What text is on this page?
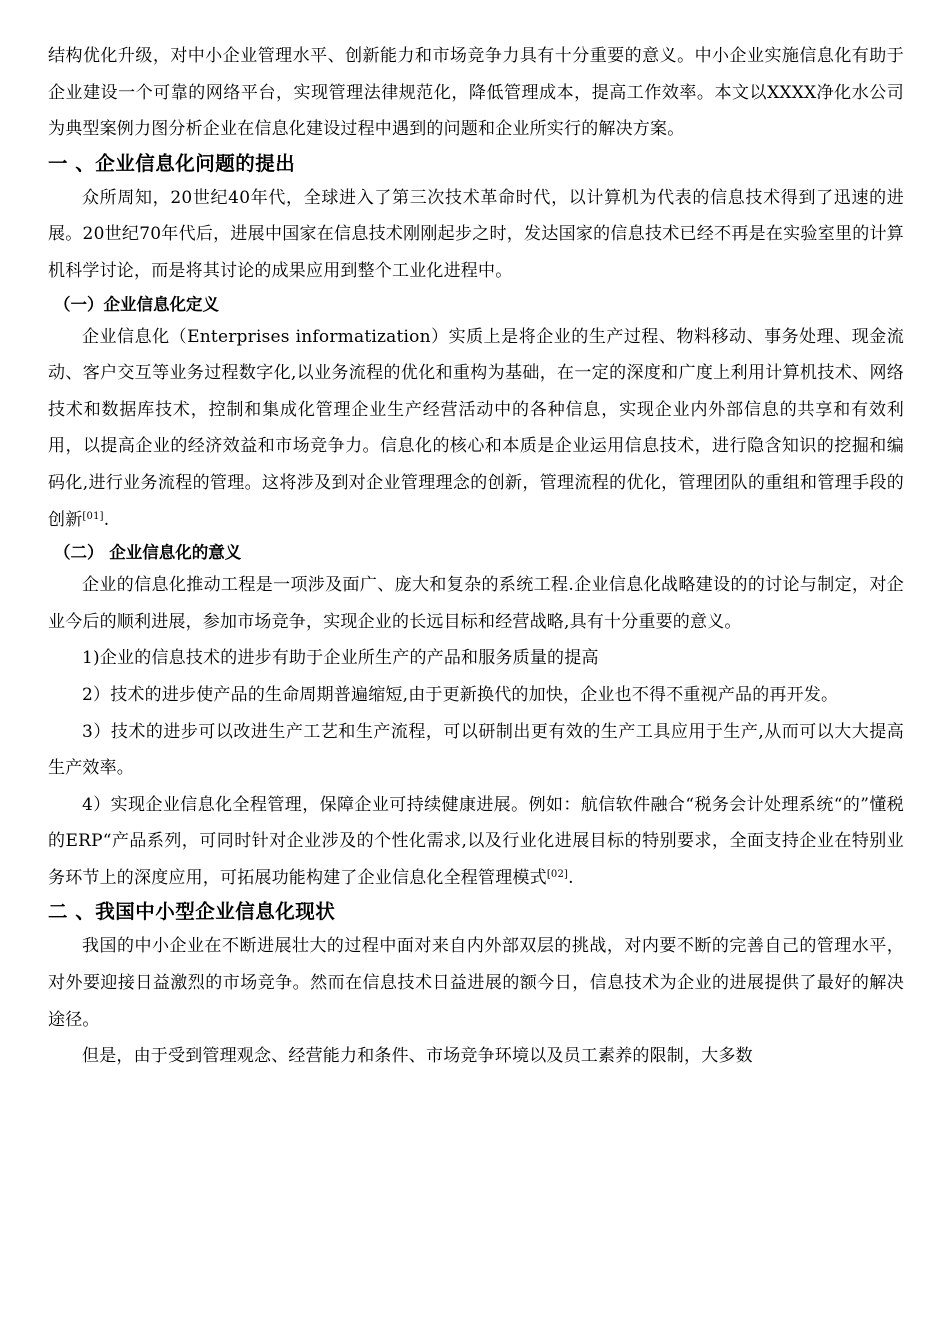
结构优化升级，对中小企业管理水平、创新能力和市场竞争力具有十分重要的意义。中小企业实施信息化有助于企业建设一个可靠的网络平台，实现管理法律规范化，降低管理成本，提高工作效率。本文以XXXX净化水公司为典型案例力图分析企业在信息化建设过程中遇到的问题和企业所实行的解决方案。

一 、企业信息化问题的提出

众所周知，20世纪40年代，全球进入了第三次技术革命时代，以计算机为代表的信息技术得到了迅速的进展。20世纪70年代后，进展中国家在信息技术刚刚起步之时，发达国家的信息技术已经不再是在实验室里的计算机科学讨论，而是将其讨论的成果应用到整个工业化进程中。

（一）企业信息化定义

企业信息化（Enterprises informatization）实质上是将企业的生产过程、物料移动、事务处理、现金流动、客户交互等业务过程数字化,以业务流程的优化和重构为基础，在一定的深度和广度上利用计算机技术、网络技术和数据库技术，控制和集成化管理企业生产经营活动中的各种信息，实现企业内外部信息的共享和有效利用，以提高企业的经济效益和市场竞争力。信息化的核心和本质是企业运用信息技术，进行隐含知识的挖掘和编码化,进行业务流程的管理。这将涉及到对企业管理理念的创新，管理流程的优化，管理团队的重组和管理手段的创新[01].

（二） 企业信息化的意义

企业的信息化推动工程是一项涉及面广、庞大和复杂的系统工程.企业信息化战略建设的的讨论与制定，对企业今后的顺利进展，参加市场竞争，实现企业的长远目标和经营战略,具有十分重要的意义。

1)企业的信息技术的进步有助于企业所生产的产品和服务质量的提高

2）技术的进步使产品的生命周期普遍缩短,由于更新换代的加快，企业也不得不重视产品的再开发。

3）技术的进步可以改进生产工艺和生产流程，可以研制出更有效的生产工具应用于生产,从而可以大大提高生产效率。

4）实现企业信息化全程管理，保障企业可持续健康进展。例如：航信软件融合“税务会计处理系统“的”懂税的ERP“产品系列，可同时针对企业涉及的个性化需求,以及行业化进展目标的特别要求，全面支持企业在特别业务环节上的深度应用，可拓展功能构建了企业信息化全程管理模式[02].

二 、我国中小型企业信息化现状

我国的中小企业在不断进展壮大的过程中面对来自内外部双层的挑战，对内要不断的完善自己的管理水平，对外要迎接日益激烈的市场竞争。然而在信息技术日益进展的额今日，信息技术为企业的进展提供了最好的解决途径。

但是，由于受到管理观念、经营能力和条件、市场竞争环境以及员工素养的限制，大多数
